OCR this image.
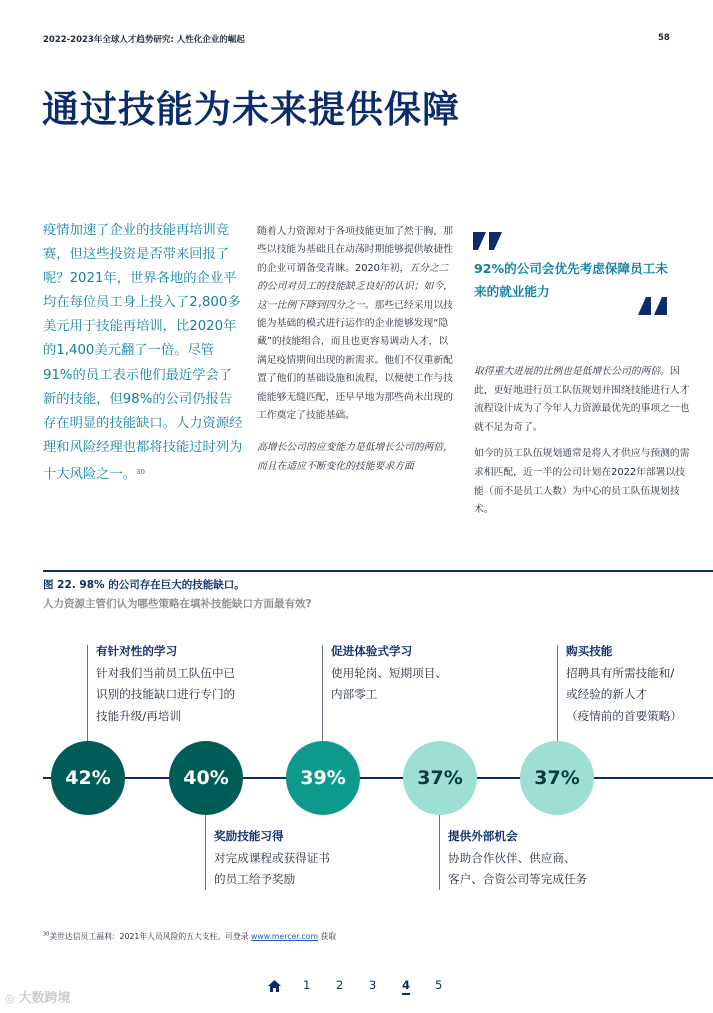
2022-2023年全球人才趋势研究: 人性化企业的崛起	58
通过技能为未来提供保障

疫情加速了企业的技能再培训竞赛，但这些投资是否带来回报了呢？2021年，世界各地的企业平均在每位员工身上投入了2,800多美元用于技能再培训，比2020年的1,400美元翻了一倍。尽管91%的员工表示他们最近学会了新的技能，但98%的公司仍报告存在明显的技能缺口。人力资源经理和风险经理也都将技能过时列为十大风险之一。$^{30}$

随着人力资源对于各项技能更加了然于胸，那些以技能为基础且在动荡时期能够提供敏捷性的企业可谓备受青睐。2020年初，五分之二的公司对员工的技能缺乏良好的认识；如今，这一比例下降到四分之一。那些已经采用以技能为基础的模式进行运作的企业能够发现“隐藏”的技能组合，而且也更容易调动人才，以满足疫情期间出现的新需求。他们不仅重新配置了他们的基础设施和流程，以便使工作与技能能够无缝匹配，还早早地为那些尚未出现的工作奠定了技能基础。

高增长公司的应变能力是低增长公司的两倍，而且在适应不断变化的技能要求方面

92%的公司会优先考虑保障员工未来的就业能力

取得重大进展的比例也是低增长公司的两倍。因此，更好地进行员工队伍规划并围绕技能进行人才流程设计成为了今年人力资源最优先的事项之一也就不足为奇了。

如今的员工队伍规划通常是将人才供应与预测的需求相匹配，近一半的公司计划在2022年部署以技能（而不是员工人数）为中心的员工队伍规划技术。

图 22. 98% 的公司存在巨大的技能缺口。
人力资源主管们认为哪些策略在填补技能缺口方面最有效?
有针对性的学习
针对我们当前员工队伍中已
识别的技能缺口进行专门的
技能升级/再培训
促进体验式学习
使用轮岗、短期项目、
内部零工
购买技能
招聘具有所需技能和/
或经验的新人才
（疫情前的首要策略）
42%	40%	39%	37%	37%
奖励技能习得
对完成课程或获得证书
的员工给予奖励
提供外部机会
协助合作伙伴、供应商、
客户、合资公司等完成任务
$^{30}$美世达信员工福利：2021年人员风险的五大支柱。可登录 www.mercer.com 获取
1 2 3 4 5
◎ 大数跨境
